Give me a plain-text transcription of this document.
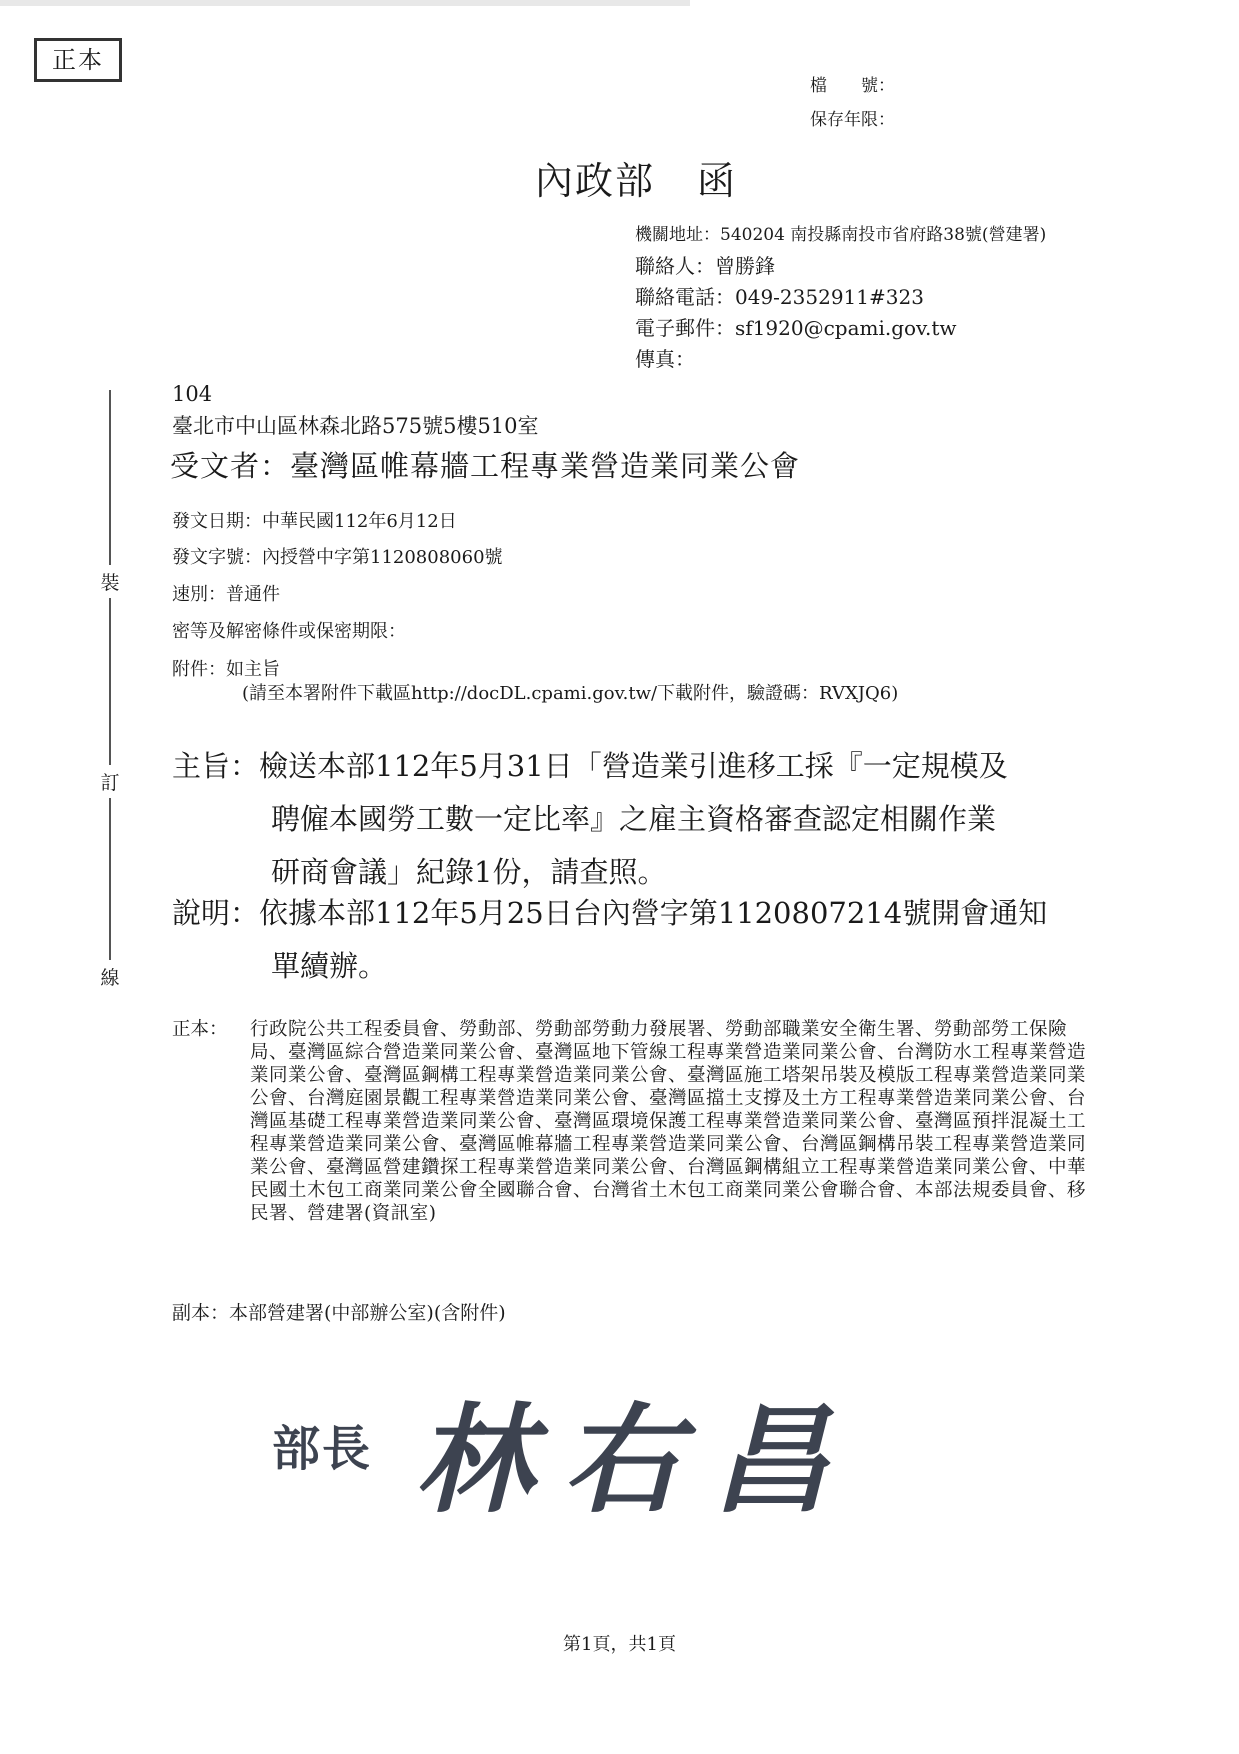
正本
檔　　號：
保存年限：
內政部 函
機關地址：540204 南投縣南投市省府路38號(營建署)
聯絡人：曾勝鋒
聯絡電話：049-2352911#323
電子郵件：sf1920@cpami.gov.tw
傳真：
裝
訂
線
104
臺北市中山區林森北路575號5樓510室
受文者：臺灣區帷幕牆工程專業營造業同業公會
發文日期：中華民國112年6月12日
發文字號：內授營中字第1120808060號
速別：普通件
密等及解密條件或保密期限：
附件：如主旨
(請至本署附件下載區http://docDL.cpami.gov.tw/下載附件，驗證碼：RVXJQ6)
主旨：檢送本部112年5月31日「營造業引進移工採『一定規模及
聘僱本國勞工數一定比率』之雇主資格審查認定相關作業
研商會議」紀錄1份，請查照。
說明：依據本部112年5月25日台內營字第1120807214號開會通知
單續辦。
正本： 行政院公共工程委員會、勞動部、勞動部勞動力發展署、勞動部職業安全衛生署、勞動部勞工保險局、臺灣區綜合營造業同業公會、臺灣區地下管線工程專業營造業同業公會、台灣防水工程專業營造業同業公會、臺灣區鋼構工程專業營造業同業公會、臺灣區施工塔架吊裝及模版工程專業營造業同業公會、台灣庭園景觀工程專業營造業同業公會、臺灣區擋土支撐及土方工程專業營造業同業公會、台灣區基礎工程專業營造業同業公會、臺灣區環境保護工程專業營造業同業公會、臺灣區預拌混凝土工程專業營造業同業公會、臺灣區帷幕牆工程專業營造業同業公會、台灣區鋼構吊裝工程專業營造業同業公會、臺灣區營建鑽探工程專業營造業同業公會、台灣區鋼構組立工程專業營造業同業公會、中華民國土木包工商業同業公會全國聯合會、台灣省土木包工商業同業公會聯合會、本部法規委員會、移民署、營建署(資訊室)
副本：本部營建署(中部辦公室)(含附件)
部長 林右昌
第1頁，共1頁
